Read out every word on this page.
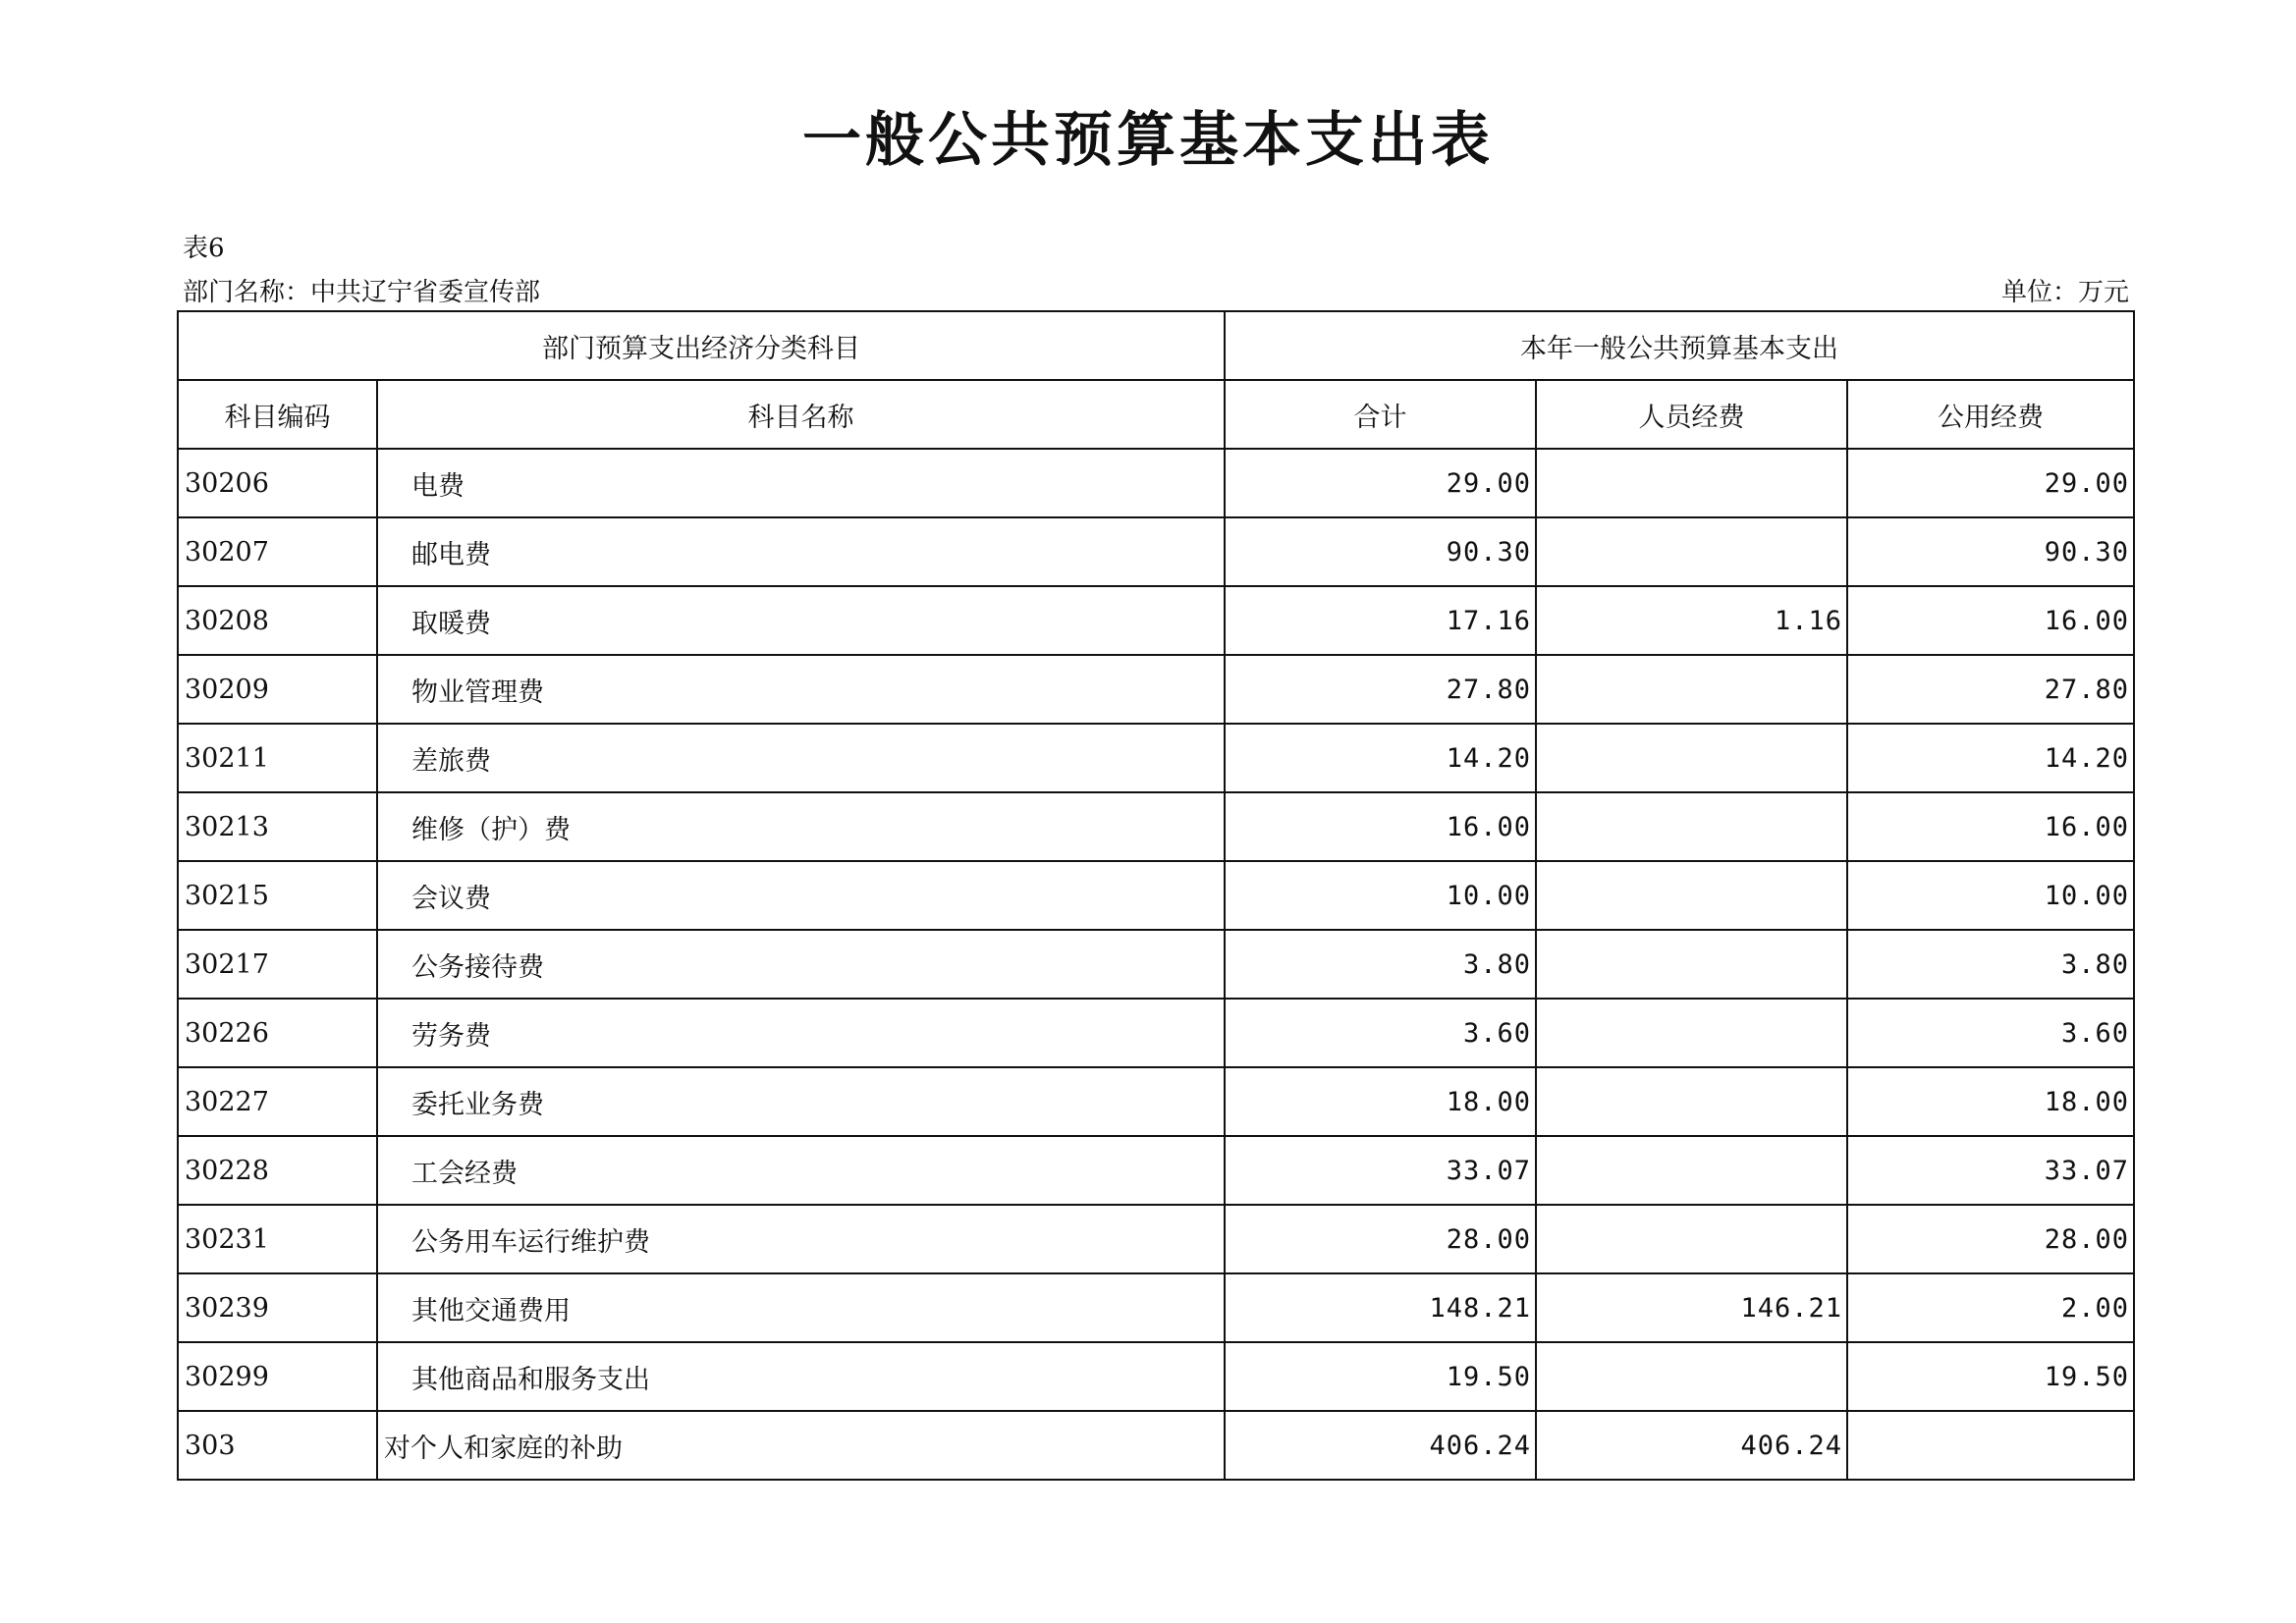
一般公共预算基本支出表
表6
部门名称：中共辽宁省委宣传部	单位：万元
部门预算支出经济分类科目		本年一般公共预算基本支出		
科目编码	科目名称	合计	人员经费	公用经费
30206	电费	29.00		29.00
30207	邮电费	90.30		90.30
30208	取暖费	17.16	1.16	16.00
30209	物业管理费	27.80		27.80
30211	差旅费	14.20		14.20
30213	维修（护）费	16.00		16.00
30215	会议费	10.00		10.00
30217	公务接待费	3.80		3.80
30226	劳务费	3.60		3.60
30227	委托业务费	18.00		18.00
30228	工会经费	33.07		33.07
30231	公务用车运行维护费	28.00		28.00
30239	其他交通费用	148.21	146.21	2.00
30299	其他商品和服务支出	19.50		19.50
303	对个人和家庭的补助	406.24	406.24	
